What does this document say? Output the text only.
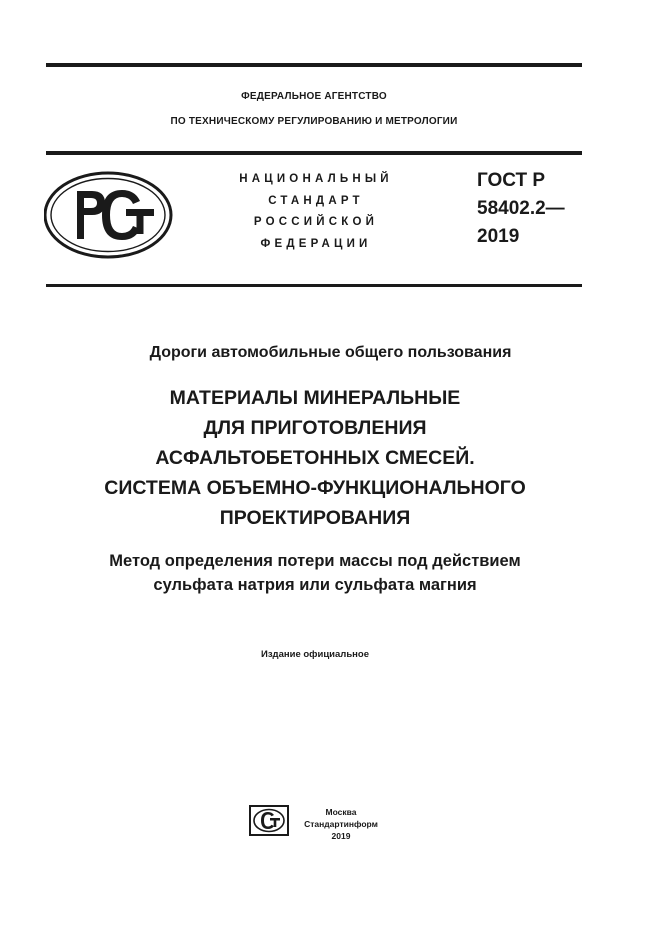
ФЕДЕРАЛЬНОЕ АГЕНТСТВО
ПО ТЕХНИЧЕСКОМУ РЕГУЛИРОВАНИЮ И МЕТРОЛОГИИ
НАЦИОНАЛЬНЫЙ
СТАНДАРТ
РОССИЙСКОЙ
ФЕДЕРАЦИИ
ГОСТ Р
58402.2—
2019
Дороги автомобильные общего пользования
МАТЕРИАЛЫ МИНЕРАЛЬНЫЕ
ДЛЯ ПРИГОТОВЛЕНИЯ
АСФАЛЬТОБЕТОННЫХ СМЕСЕЙ.
СИСТЕМА ОБЪЕМНО-ФУНКЦИОНАЛЬНОГО
ПРОЕКТИРОВАНИЯ
Метод определения потери массы под действием
сульфата натрия или сульфата магния
Издание официальное
Москва
Стандартинформ
2019
